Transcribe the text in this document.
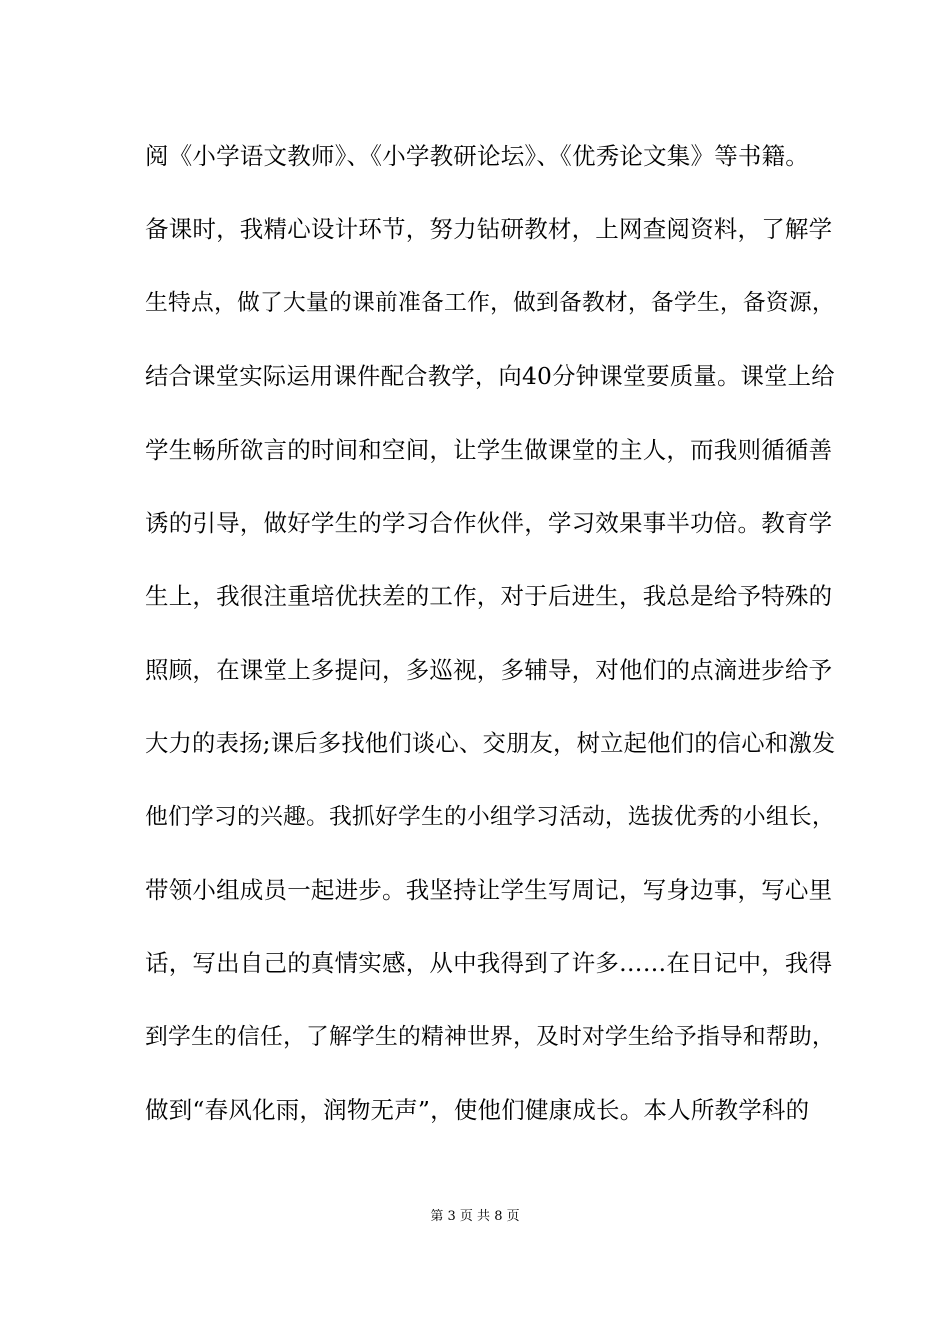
阅《小学语文教师》、《小学教研论坛》、《优秀论文集》等书籍。
备课时，我精心设计环节，努力钻研教材，上网查阅资料，了解学
生特点，做了大量的课前准备工作，做到备教材，备学生，备资源，
结合课堂实际运用课件配合教学，向40分钟课堂要质量。课堂上给
学生畅所欲言的时间和空间，让学生做课堂的主人，而我则循循善
诱的引导，做好学生的学习合作伙伴，学习效果事半功倍。教育学
生上，我很注重培优扶差的工作，对于后进生，我总是给予特殊的
照顾，在课堂上多提问，多巡视，多辅导，对他们的点滴进步给予
大力的表扬;课后多找他们谈心、交朋友，树立起他们的信心和激发
他们学习的兴趣。我抓好学生的小组学习活动，选拔优秀的小组长，
带领小组成员一起进步。我坚持让学生写周记，写身边事，写心里
话，写出自己的真情实感，从中我得到了许多……在日记中，我得
到学生的信任，了解学生的精神世界，及时对学生给予指导和帮助，
做到“春风化雨，润物无声”，使他们健康成长。本人所教学科的
第 3 页 共 8 页
